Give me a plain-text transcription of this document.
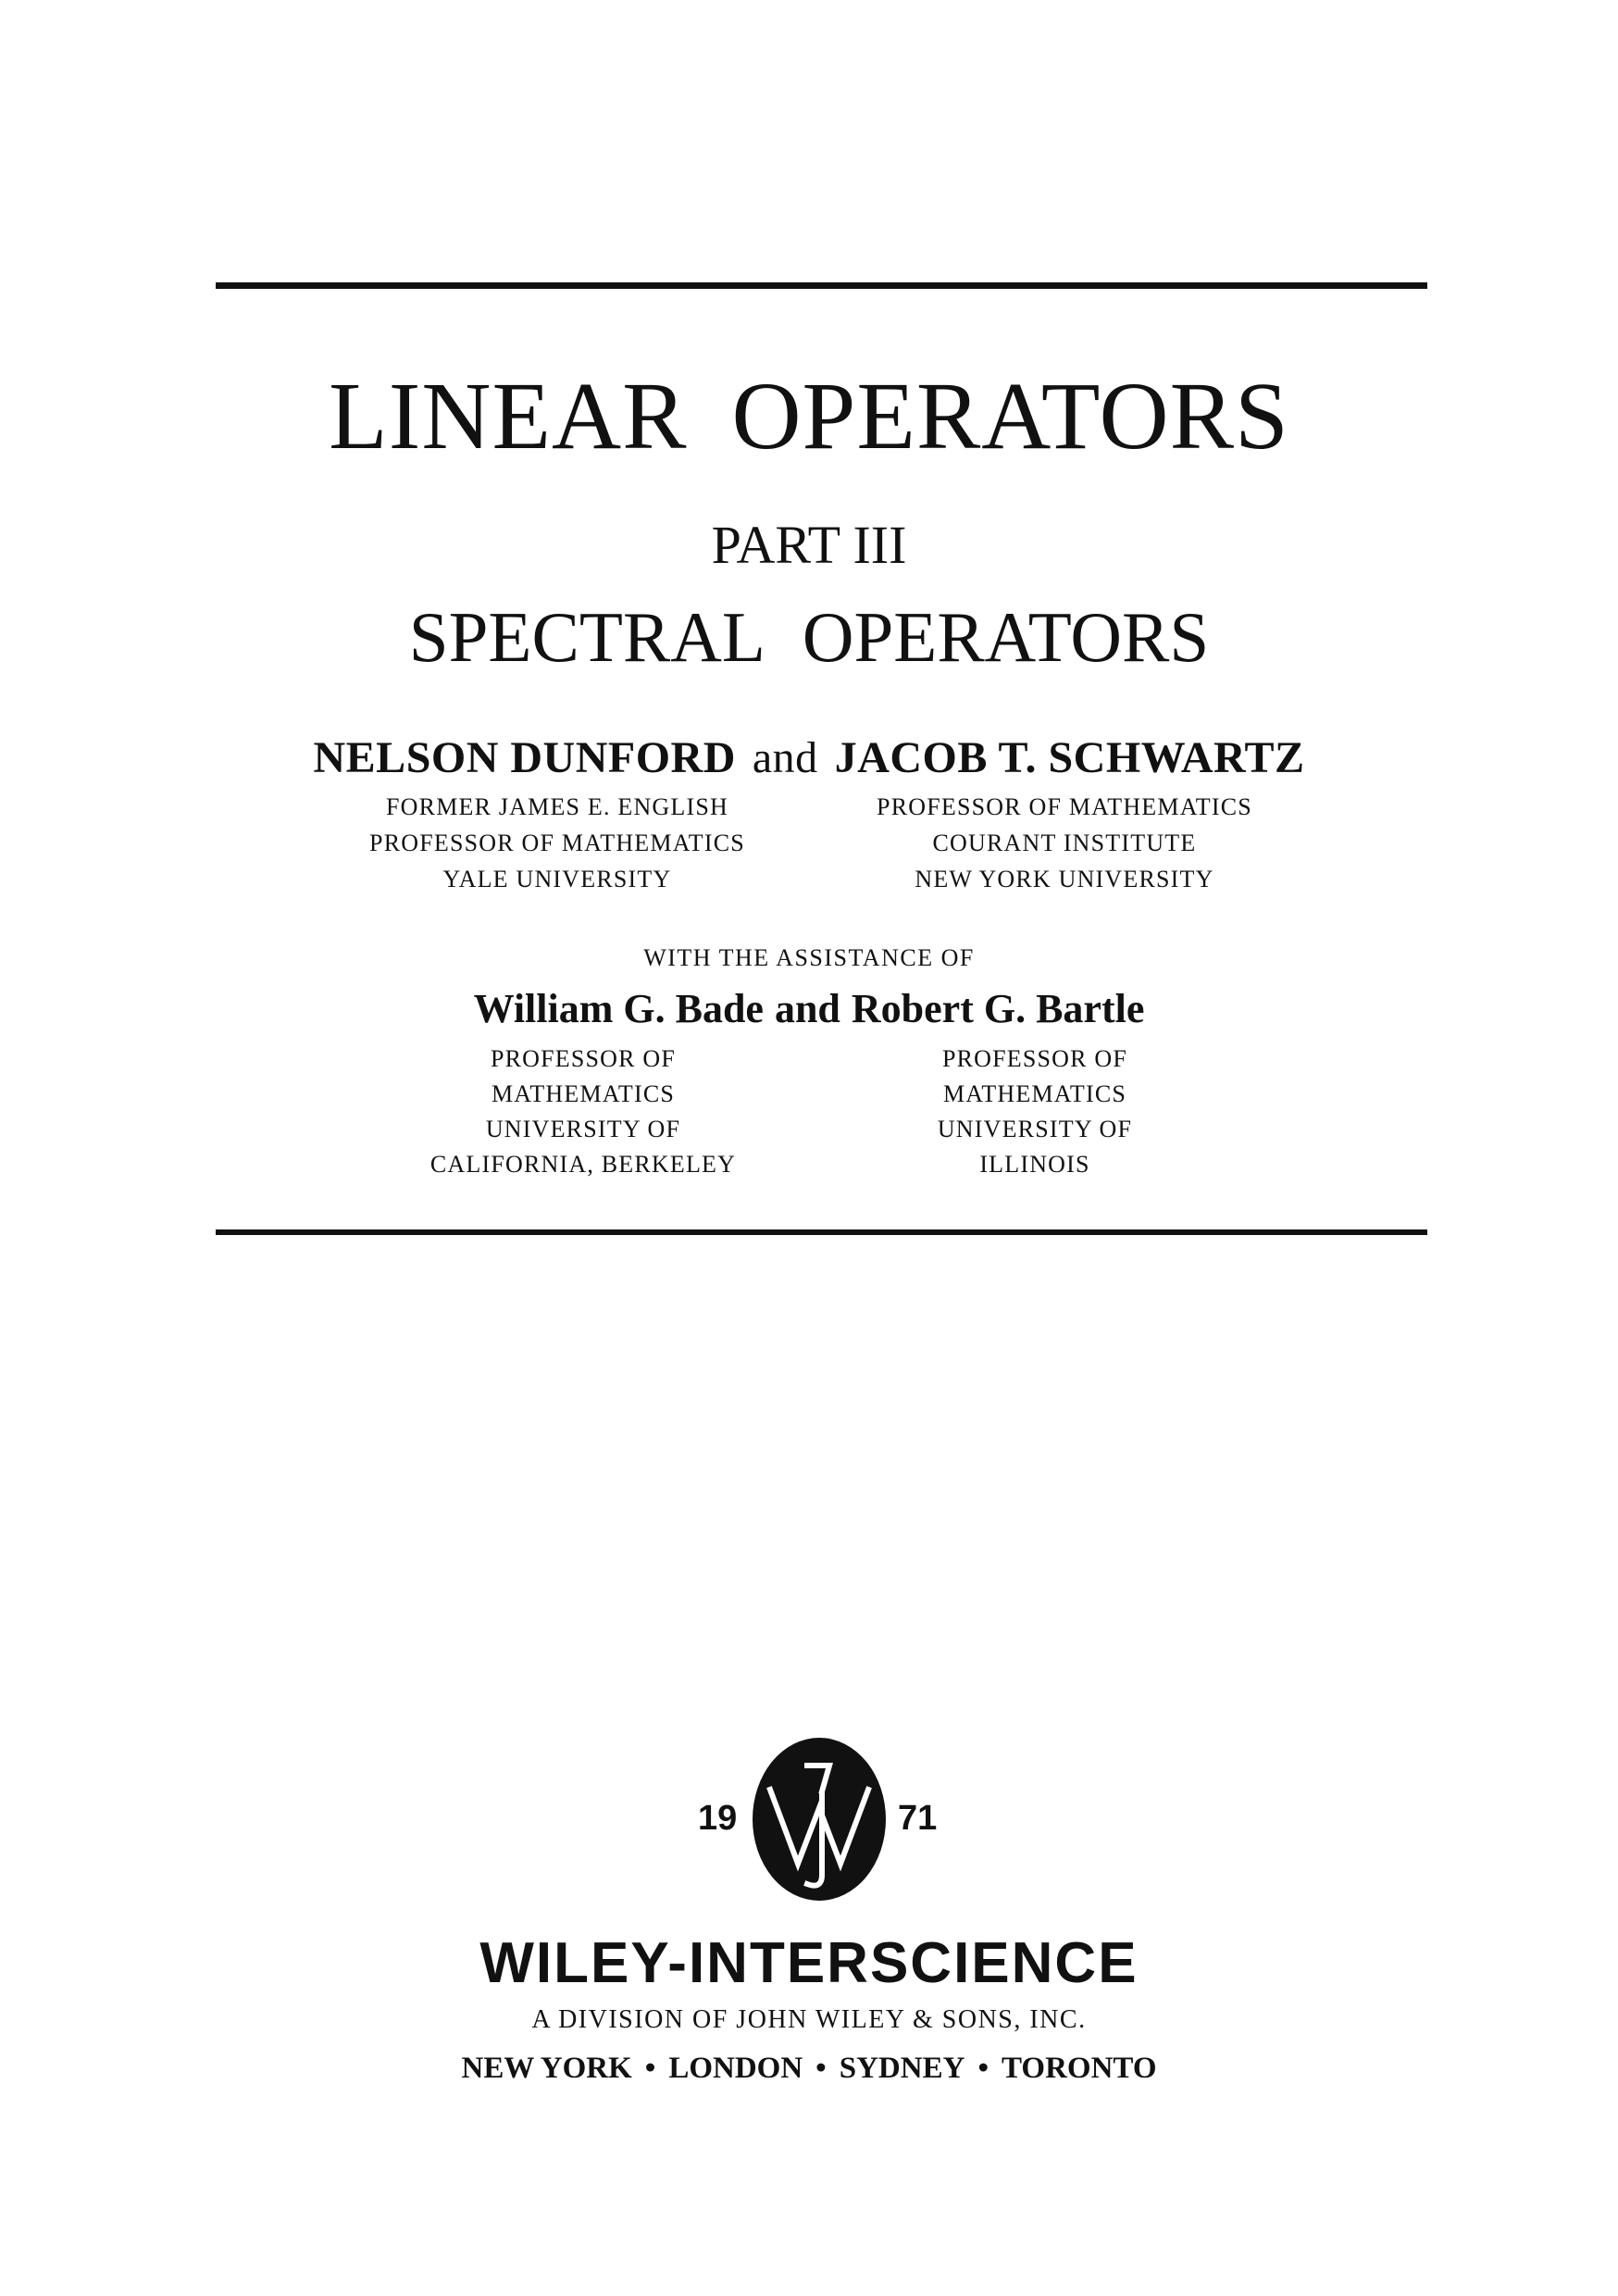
LINEAR OPERATORS
PART III
SPECTRAL OPERATORS
NELSON DUNFORD and JACOB T. SCHWARTZ
FORMER JAMES E. ENGLISH
PROFESSOR OF MATHEMATICS
YALE UNIVERSITY
PROFESSOR OF MATHEMATICS
COURANT INSTITUTE
NEW YORK UNIVERSITY
WITH THE ASSISTANCE OF
William G. Bade and Robert G. Bartle
PROFESSOR OF
MATHEMATICS
UNIVERSITY OF
CALIFORNIA, BERKELEY
PROFESSOR OF
MATHEMATICS
UNIVERSITY OF
ILLINOIS
19	71
WILEY-INTERSCIENCE
A DIVISION OF JOHN WILEY & SONS, INC.
NEW YORK • LONDON • SYDNEY • TORONTO
